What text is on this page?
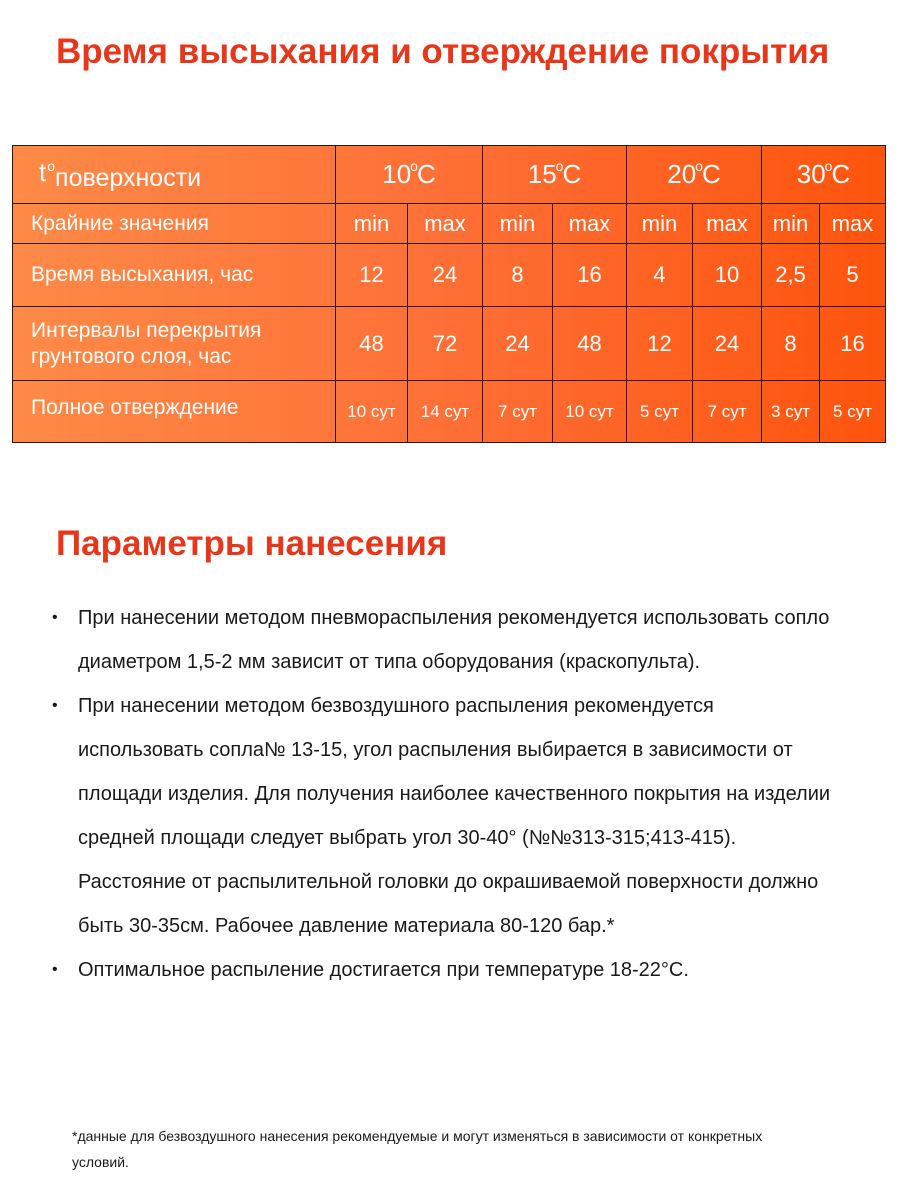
Время высыхания и отверждение покрытия
t o поверхности	10 o C		15 o C		20 o C		30 o C	

Крайние значения	min	max	min	max	min	max	min	max
Время высыхания, час	12	24	8	16	4	10	2,5	5
Интервалы перекрытия грунтового слоя, час	48	72	24	48	12	24	8	16
Полное отверждение	10 сут	14 сут	7 сут	10 сут	5 сут	7 сут	3 сут	5 сут
Параметры нанесения
• При нанесении методом пневмораспыления рекомендуется использовать сопло диаметром 1,5-2 мм зависит от типа оборудования (краскопульта).
• При нанесении методом безвоздушного распыления рекомендуется использовать сопла№ 13-15, угол распыления выбирается в зависимости от площади изделия. Для получения наиболее качественного покрытия на изделии средней площади следует выбрать угол 30-40° (№№313-315;413-415). Расстояние от распылительной головки до окрашиваемой поверхности должно быть 30-35см. Рабочее давление материала 80-120 бар.*
• Оптимальное распыление достигается при температуре 18-22°С.
*данные для безвоздушного нанесения рекомендуемые и могут изменяться в зависимости от конкретных условий.
